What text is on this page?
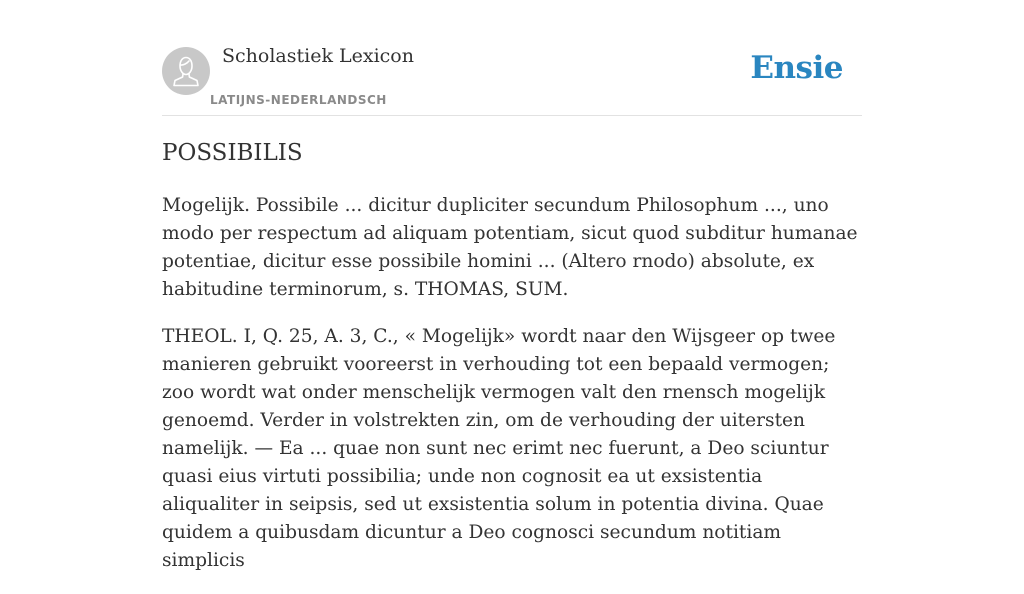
Scholastiek Lexicon
LATIJNS-NEDERLANDSCH
Ensie
POSSIBILIS

Mogelijk. Possibile ... dicitur dupliciter secundum Philosophum ..., uno modo per respectum ad aliquam potentiam, sicut quod subditur humanae potentiae, dicitur esse possibile homini ... (Altero rnodo) absolute, ex habitudine terminorum, s. THOMAS, SUM.

THEOL. I, Q. 25, A. 3, C., « Mogelijk» wordt naar den Wijsgeer op twee manieren gebruikt vooreerst in verhouding tot een bepaald vermogen; zoo wordt wat onder menschelijk vermogen valt den rnensch mogelijk genoemd. Verder in volstrekten zin, om de verhouding der uitersten namelijk. — Ea ... quae non sunt nec erimt nec fuerunt, a Deo sciuntur quasi eius virtuti possibilia; unde non cognosit ea ut exsistentia aliqualiter in seipsis, sed ut exsistentia solum in potentia divina. Quae quidem a quibusdam dicuntur a Deo cognosci secundum notitiam simplicis
